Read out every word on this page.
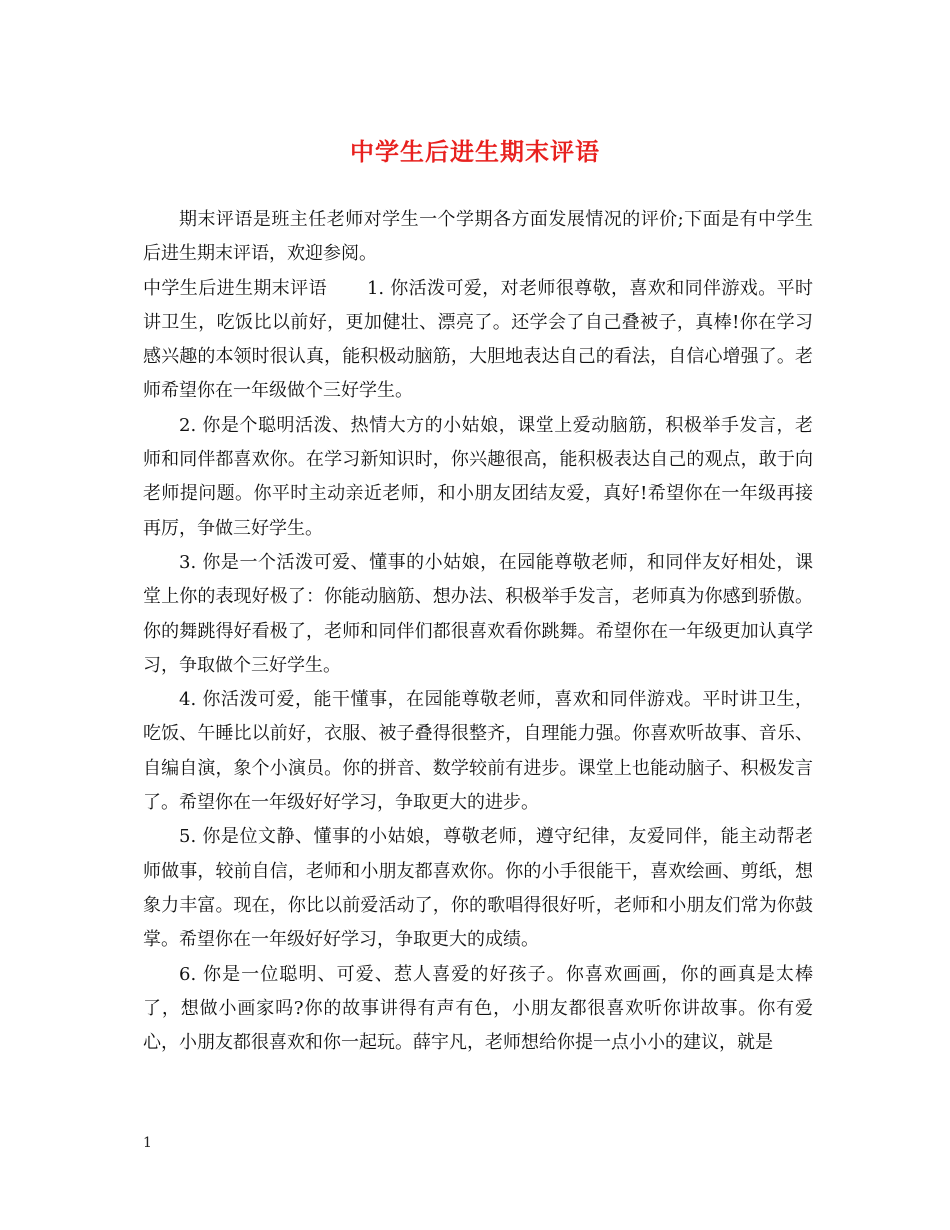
中学生后进生期末评语

期末评语是班主任老师对学生一个学期各方面发展情况的评价;下面是有中学生后进生期末评语，欢迎参阅。

中学生后进生期末评语 1. 你活泼可爱，对老师很尊敬，喜欢和同伴游戏。平时讲卫生，吃饭比以前好，更加健壮、漂亮了。还学会了自己叠被子，真棒!你在学习感兴趣的本领时很认真，能积极动脑筋，大胆地表达自己的看法，自信心增强了。老师希望你在一年级做个三好学生。

2. 你是个聪明活泼、热情大方的小姑娘，课堂上爱动脑筋，积极举手发言，老师和同伴都喜欢你。在学习新知识时，你兴趣很高，能积极表达自己的观点，敢于向老师提问题。你平时主动亲近老师，和小朋友团结友爱，真好!希望你在一年级再接再厉，争做三好学生。

3. 你是一个活泼可爱、懂事的小姑娘，在园能尊敬老师，和同伴友好相处，课堂上你的表现好极了：你能动脑筋、想办法、积极举手发言，老师真为你感到骄傲。你的舞跳得好看极了，老师和同伴们都很喜欢看你跳舞。希望你在一年级更加认真学习，争取做个三好学生。

4. 你活泼可爱，能干懂事，在园能尊敬老师，喜欢和同伴游戏。平时讲卫生，吃饭、午睡比以前好，衣服、被子叠得很整齐，自理能力强。你喜欢听故事、音乐、自编自演，象个小演员。你的拼音、数学较前有进步。课堂上也能动脑子、积极发言了。希望你在一年级好好学习，争取更大的进步。

5. 你是位文静、懂事的小姑娘，尊敬老师，遵守纪律，友爱同伴，能主动帮老师做事，较前自信，老师和小朋友都喜欢你。你的小手很能干，喜欢绘画、剪纸，想象力丰富。现在，你比以前爱活动了，你的歌唱得很好听，老师和小朋友们常为你鼓掌。希望你在一年级好好学习，争取更大的成绩。

6. 你是一位聪明、可爱、惹人喜爱的好孩子。你喜欢画画，你的画真是太棒了，想做小画家吗?你的故事讲得有声有色，小朋友都很喜欢听你讲故事。你有爱心，小朋友都很喜欢和你一起玩。薛宇凡，老师想给你提一点小小的建议，就是

1
